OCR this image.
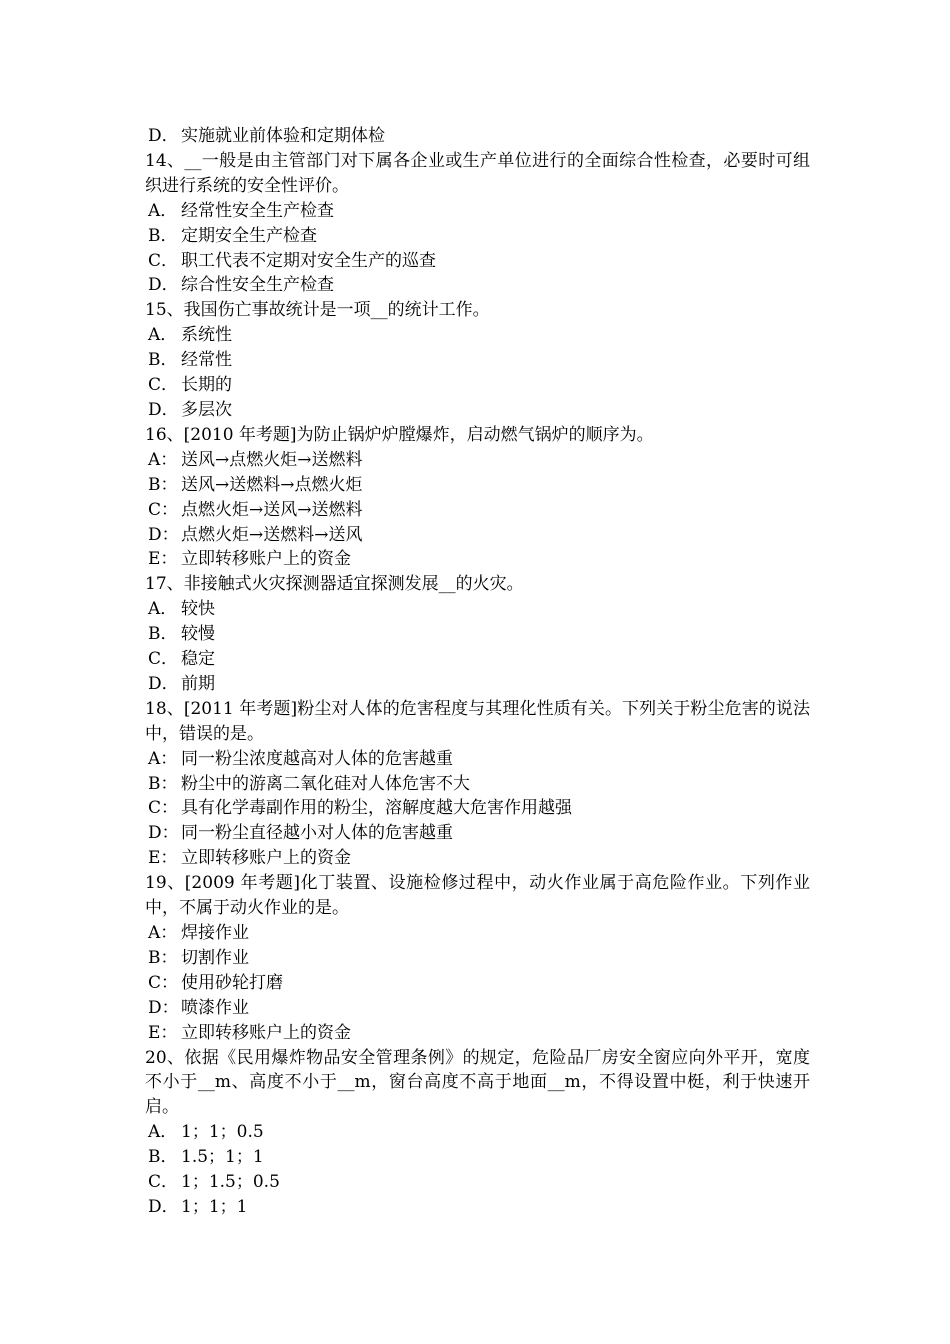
D． 实施就业前体验和定期体检
14、__一般是由主管部门对下属各企业或生产单位进行的全面综合性检查，必要时可组织进行系统的安全性评价。
A． 经常性安全生产检查
B． 定期安全生产检查
C． 职工代表不定期对安全生产的巡查
D． 综合性安全生产检查
15、我国伤亡事故统计是一项__的统计工作。
A． 系统性
B． 经常性
C． 长期的
D． 多层次
16、[2010 年考题]为防止锅炉炉膛爆炸，启动燃气锅炉的顺序为。
A： 送风→点燃火炬→送燃料
B： 送风→送燃料→点燃火炬
C： 点燃火炬→送风→送燃料
D： 点燃火炬→送燃料→送风
E： 立即转移账户上的资金
17、非接触式火灾探测器适宜探测发展__的火灾。
A． 较快
B． 较慢
C． 稳定
D． 前期
18、[2011 年考题]粉尘对人体的危害程度与其理化性质有关。下列关于粉尘危害的说法中，错误的是。
A： 同一粉尘浓度越高对人体的危害越重
B： 粉尘中的游离二氧化硅对人体危害不大
C： 具有化学毒副作用的粉尘，溶解度越大危害作用越强
D： 同一粉尘直径越小对人体的危害越重
E： 立即转移账户上的资金
19、[2009 年考题]化丁装置、设施检修过程中，动火作业属于高危险作业。下列作业中，不属于动火作业的是。
A： 焊接作业
B： 切割作业
C： 使用砂轮打磨
D： 喷漆作业
E： 立即转移账户上的资金
20、依据《民用爆炸物品安全管理条例》的规定，危险品厂房安全窗应向外平开，宽度不小于__m、高度不小于__m，窗台高度不高于地面__m，不得设置中梃，利于快速开启。
A． 1；1；0.5
B． 1.5；1；1
C． 1；1.5；0.5
D． 1；1；1
